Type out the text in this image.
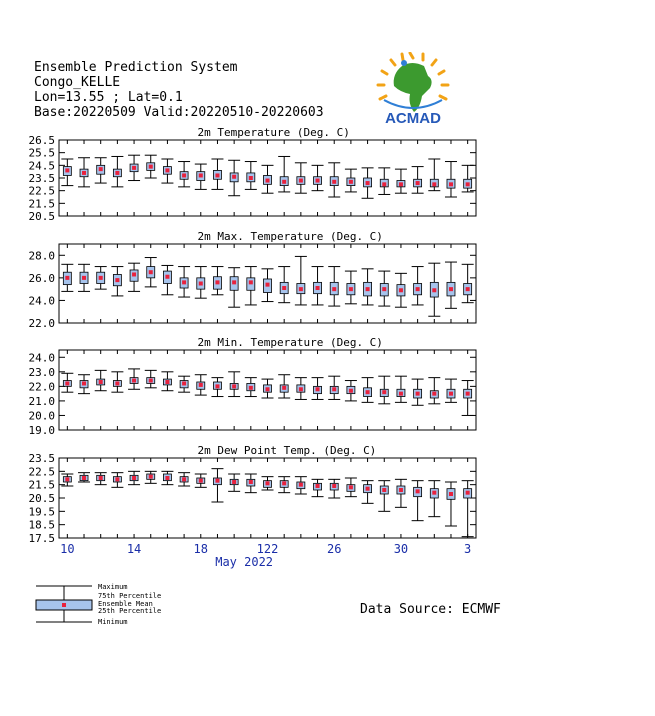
Ensemble Prediction System
Congo_KELLE
Lon=13.55 ; Lat=0.1
Base:20220509 Valid:20220510-20220603	ACMAD
2m Temperature (Deg. C)
26.5
25.5
24.5
23.5
22.5
21.5
20.5
2m Max. Temperature (Deg. C)
28.0
26.0
24.0
22.0
2m Min. Temperature (Deg. C)
24.0
23.0
22.0
21.0
20.0
19.0
2m Dew Point Temp. (Deg. C)
23.5
22.5
21.5
20.5
19.5
18.5
17.5
10	14	18	122	26	30	3
May 2022
Maximum
75th Percentile
Ensemble Mean
25th Percentile
Minimum
Data Source: ECMWF
